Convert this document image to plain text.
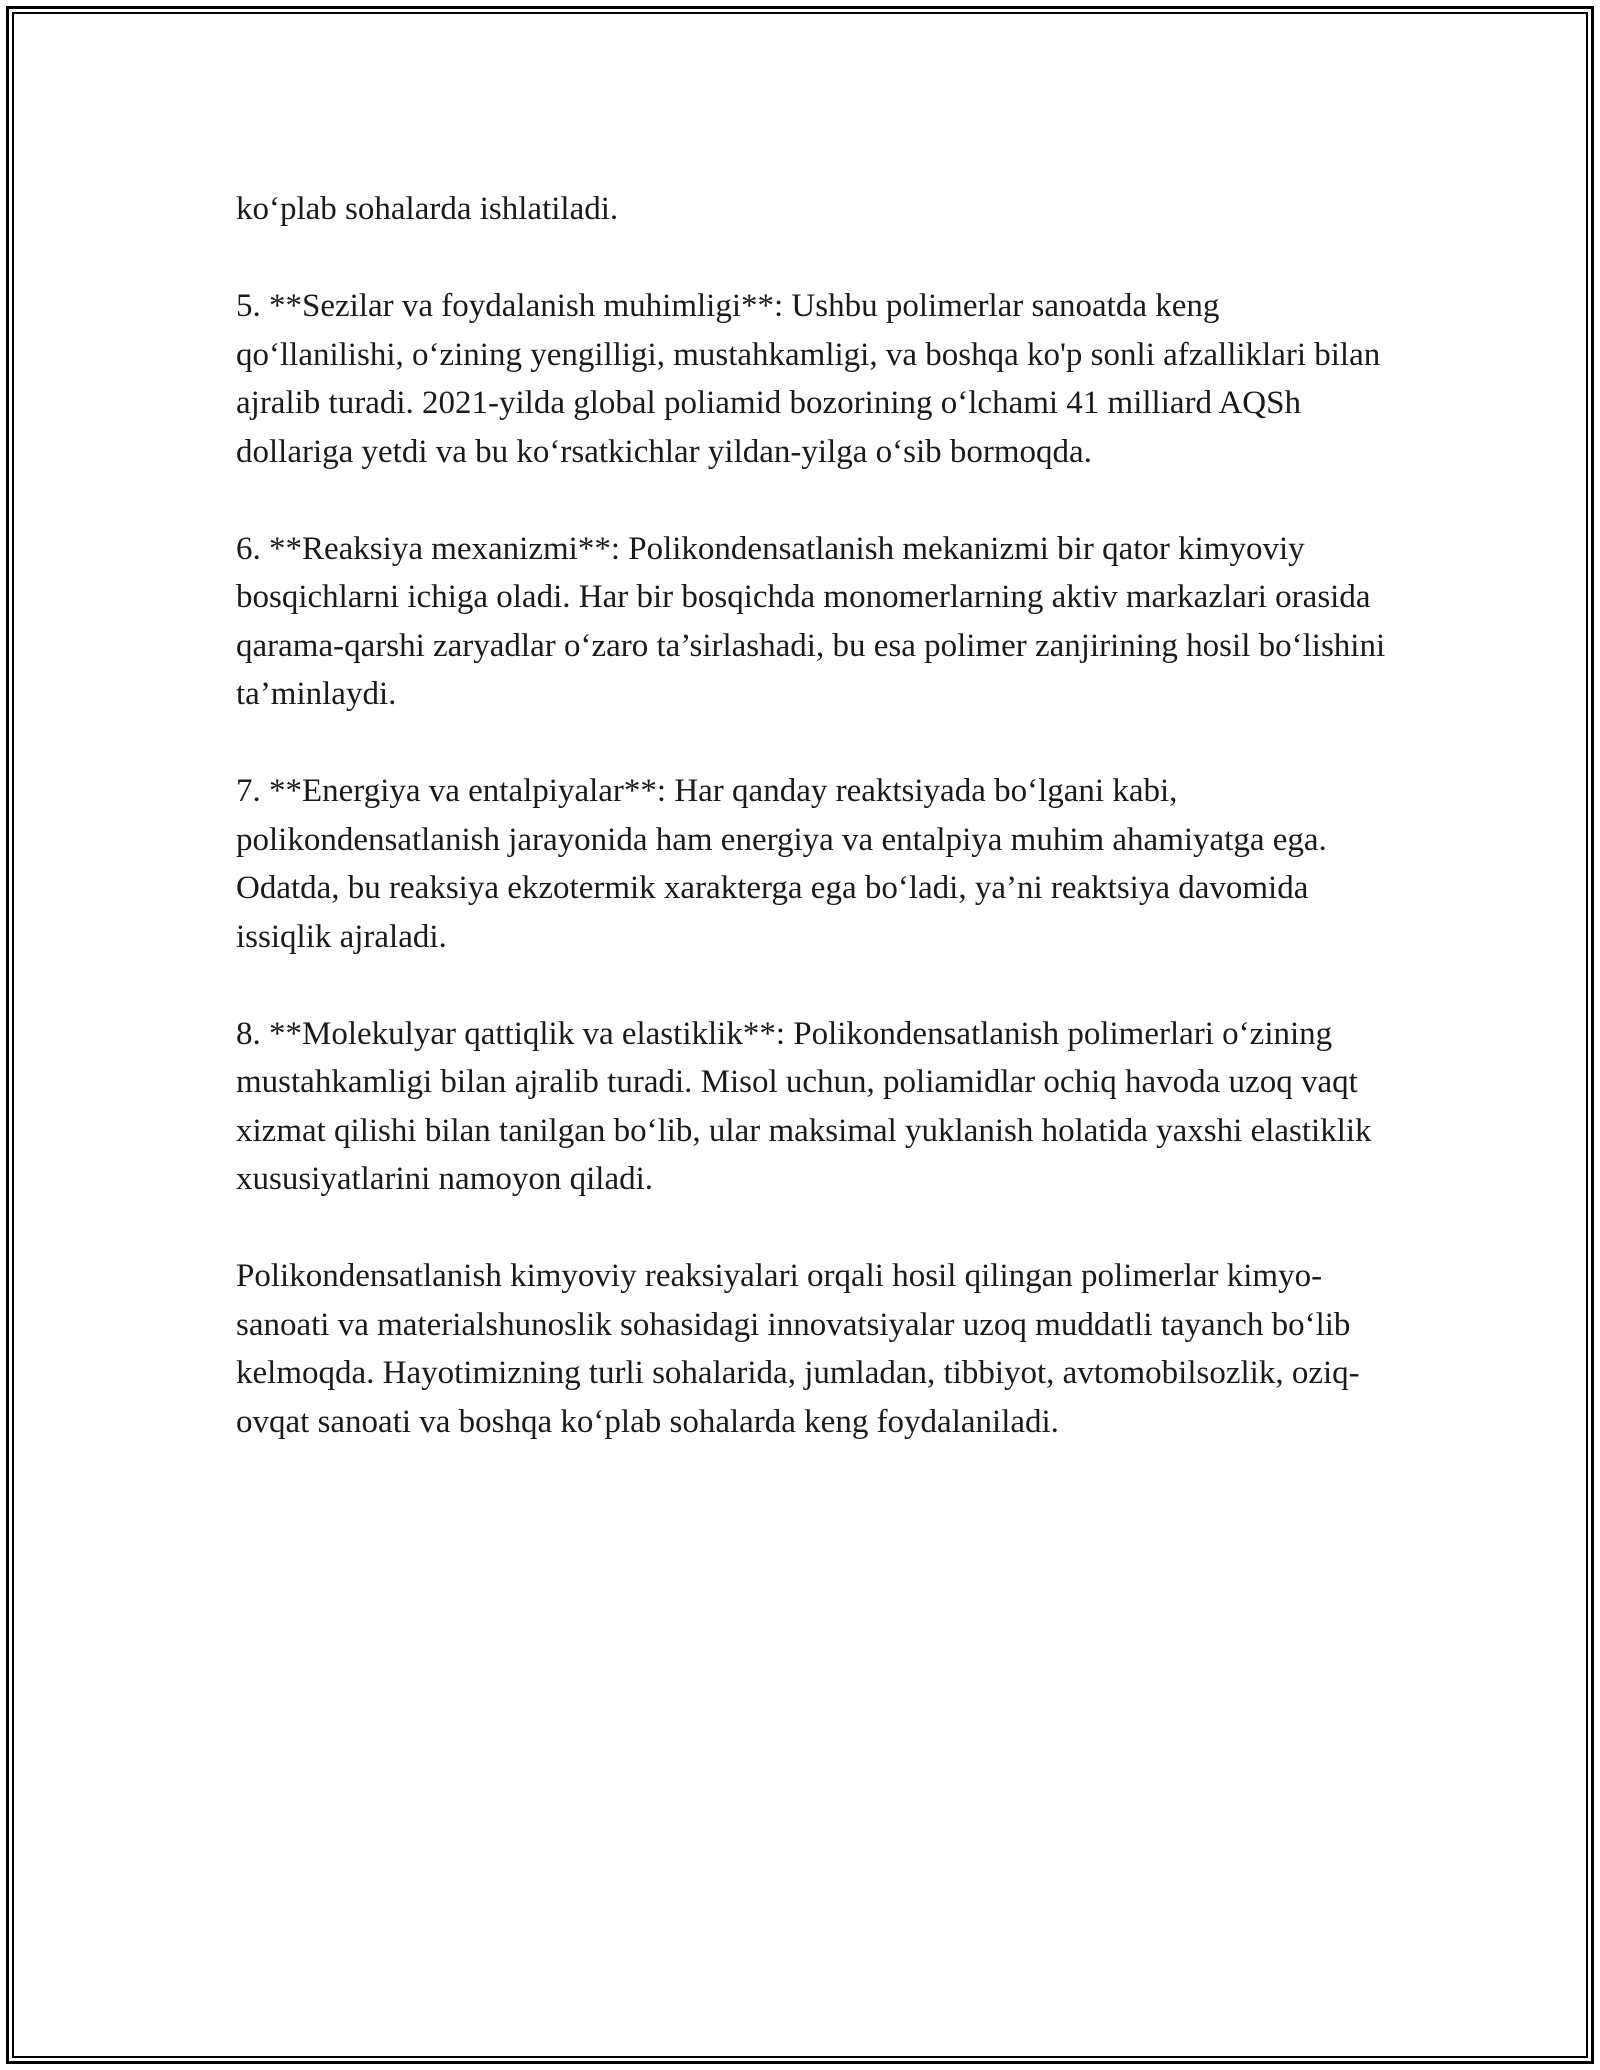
ko‘plab sohalarda ishlatiladi.

5. **Sezilar va foydalanish muhimligi**: Ushbu polimerlar sanoatda keng qo‘llanilishi, o‘zining yengilligi, mustahkamligi, va boshqa ko'p sonli afzalliklari bilan ajralib turadi. 2021-yilda global poliamid bozorining o‘lchami 41 milliard AQSh dollariga yetdi va bu ko‘rsatkichlar yildan-yilga o‘sib bormoqda.

6. **Reaksiya mexanizmi**: Polikondensatlanish mekanizmi bir qator kimyoviy bosqichlarni ichiga oladi. Har bir bosqichda monomerlarning aktiv markazlari orasida qarama-qarshi zaryadlar o‘zaro ta’sirlashadi, bu esa polimer zanjirining hosil bo‘lishini ta’minlaydi.

7. **Energiya va entalpiyalar**: Har qanday reaktsiyada bo‘lgani kabi, polikondensatlanish jarayonida ham energiya va entalpiya muhim ahamiyatga ega. Odatda, bu reaksiya ekzotermik xarakterga ega bo‘ladi, ya’ni reaktsiya davomida issiqlik ajraladi.

8. **Molekulyar qattiqlik va elastiklik**: Polikondensatlanish polimerlari o‘zining mustahkamligi bilan ajralib turadi. Misol uchun, poliamidlar ochiq havoda uzoq vaqt xizmat qilishi bilan tanilgan bo‘lib, ular maksimal yuklanish holatida yaxshi elastiklik xususiyatlarini namoyon qiladi.

Polikondensatlanish kimyoviy reaksiyalari orqali hosil qilingan polimerlar kimyo-sanoati va materialshunoslik sohasidagi innovatsiyalar uzoq muddatli tayanch bo‘lib kelmoqda. Hayotimizning turli sohalarida, jumladan, tibbiyot, avtomobilsozlik, oziq-ovqat sanoati va boshqa ko‘plab sohalarda keng foydalaniladi.
